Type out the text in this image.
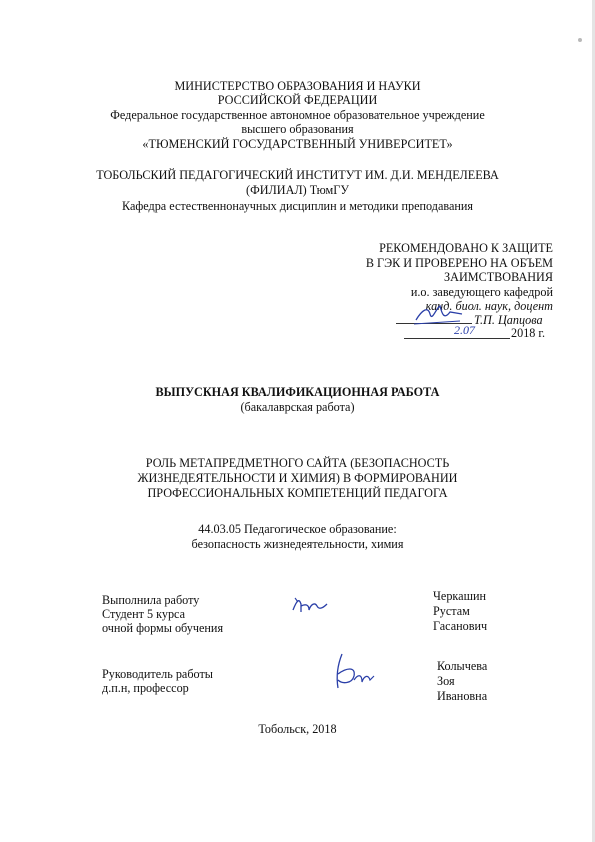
МИНИСТЕРСТВО ОБРАЗОВАНИЯ И НАУКИ
РОССИЙСКОЙ ФЕДЕРАЦИИ
Федеральное государственное автономное образовательное учреждение
высшего образования
«ТЮМЕНСКИЙ ГОСУДАРСТВЕННЫЙ УНИВЕРСИТЕТ»
ТОБОЛЬСКИЙ ПЕДАГОГИЧЕСКИЙ ИНСТИТУТ ИМ. Д.И. МЕНДЕЛЕЕВА
(ФИЛИАЛ) ТюмГУ
Кафедра естественнонаучных дисциплин и методики преподавания
РЕКОМЕНДОВАНО К ЗАЩИТЕ
В ГЭК И ПРОВЕРЕНО НА ОБЪЕМ
ЗАИМСТВОВАНИЯ
и.о. заведующего кафедрой
канд. биол. наук, доцент
Т.П. Цапцова
2.07	2018 г.
ВЫПУСКНАЯ КВАЛИФИКАЦИОННАЯ РАБОТА
(бакалаврская работа)
РОЛЬ МЕТАПРЕДМЕТНОГО САЙТА (БЕЗОПАСНОСТЬ
ЖИЗНЕДЕЯТЕЛЬНОСТИ И ХИМИЯ) В ФОРМИРОВАНИИ
ПРОФЕССИОНАЛЬНЫХ КОМПЕТЕНЦИЙ ПЕДАГОГА
44.03.05 Педагогическое образование:
безопасность жизнедеятельности, химия
Выполнила работу
Студент 5 курса
очной формы обучения
Черкашин
Рустам
Гасанович
Руководитель работы
д.п.н, профессор
Колычева
Зоя
Ивановна
Тобольск, 2018
